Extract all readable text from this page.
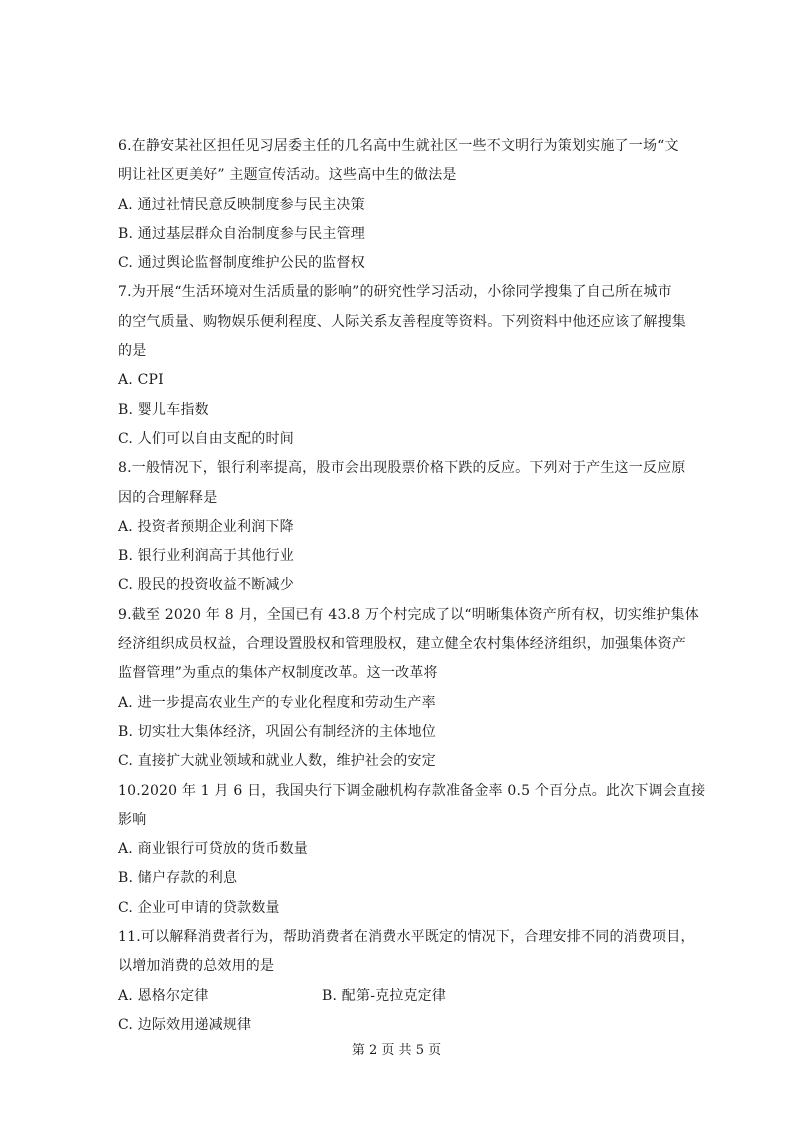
6.在静安某社区担任见习居委主任的几名高中生就社区一些不文明行为策划实施了一场“文
明让社区更美好” 主题宣传活动。这些高中生的做法是
A. 通过社情民意反映制度参与民主决策
B. 通过基层群众自治制度参与民主管理
C. 通过舆论监督制度维护公民的监督权
7.为开展“生活环境对生活质量的影响”的研究性学习活动，小徐同学搜集了自己所在城市
的空气质量、购物娱乐便利程度、人际关系友善程度等资料。下列资料中他还应该了解搜集
的是
A. CPI
B. 婴儿车指数
C. 人们可以自由支配的时间
8.一般情况下，银行利率提高，股市会出现股票价格下跌的反应。下列对于产生这一反应原
因的合理解释是
A. 投资者预期企业利润下降
B. 银行业利润高于其他行业
C. 股民的投资收益不断减少
9.截至 2020 年 8 月，全国已有 43.8 万个村完成了以“明晰集体资产所有权，切实维护集体
经济组织成员权益，合理设置股权和管理股权，建立健全农村集体经济组织，加强集体资产
监督管理”为重点的集体产权制度改革。这一改革将
A. 进一步提高农业生产的专业化程度和劳动生产率
B. 切实壮大集体经济，巩固公有制经济的主体地位
C. 直接扩大就业领域和就业人数，维护社会的安定
10.2020 年 1 月 6 日，我国央行下调金融机构存款准备金率 0.5 个百分点。此次下调会直接
影响
A. 商业银行可贷放的货币数量
B. 储户存款的利息
C. 企业可申请的贷款数量
11.可以解释消费者行为，帮助消费者在消费水平既定的情况下，合理安排不同的消费项目，
以增加消费的总效用的是
A. 恩格尔定律	B. 配第-克拉克定律
C. 边际效用递减规律
第 2 页 共 5 页
